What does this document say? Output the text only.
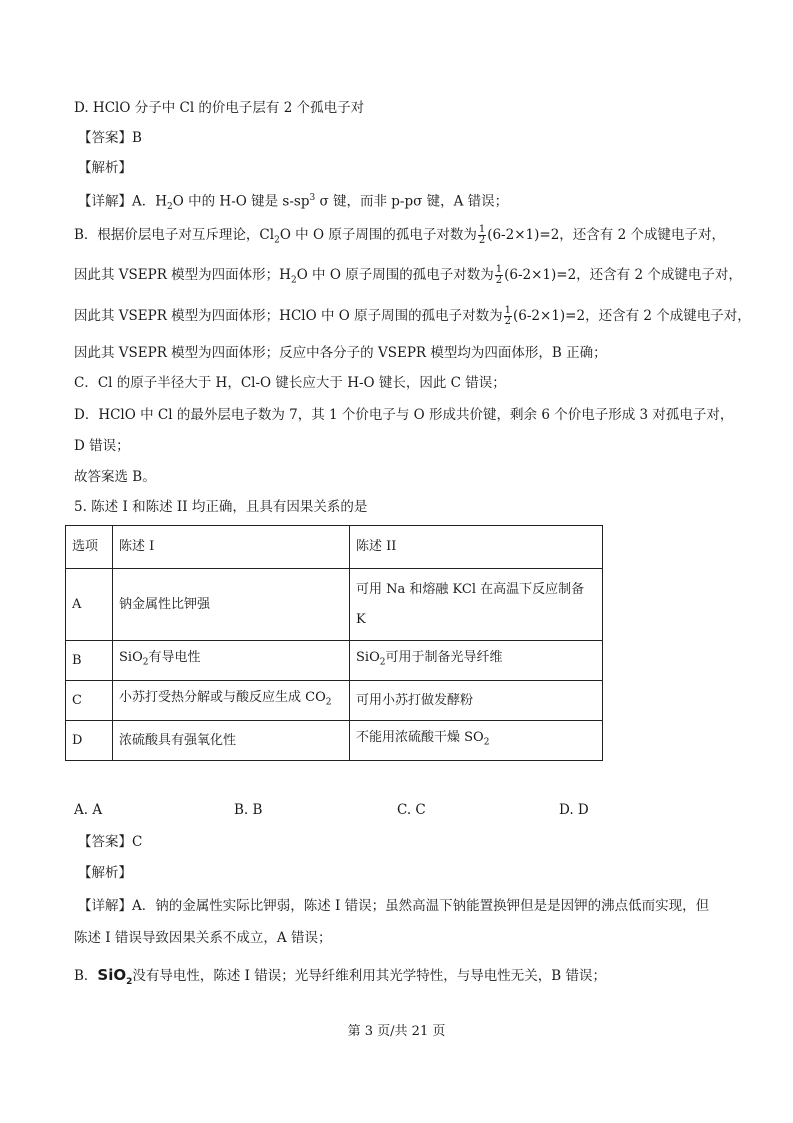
D. HClO 分子中 Cl 的价电子层有 2 个孤电子对
【答案】B
【解析】
【详解】A．$H_2O$ 中的 H-O 键是 $s-sp^3$ σ 键，而非 p-pσ 键，A 错误；
B．根据价层电子对互斥理论，$Cl_2O$ 中 O 原子周围的孤电子对数为 $\frac{1}{2} (6-2\times 1)=2$，还含有 2 个成键电子对，
因此其 VSEPR 模型为四面体形；$H_2O$ 中 O 原子周围的孤电子对数为 $\frac{1}{2} (6-2\times 1)=2$，还含有 2 个成键电子对，
因此其 VSEPR 模型为四面体形；HClO 中 O 原子周围的孤电子对数为 $\frac{1}{2} (6-2\times 1)=2$，还含有 2 个成键电子对，
因此其 VSEPR 模型为四面体形；反应中各分子的 VSEPR 模型均为四面体形，B 正确；
C．Cl 的原子半径大于 H，Cl-O 键长应大于 H-O 键长，因此 C 错误；
D．HClO 中 Cl 的最外层电子数为 7，其 1 个价电子与 O 形成共价键，剩余 6 个价电子形成 3 对孤电子对，
D 错误；
故答案选 B。
5. 陈述 I 和陈述 II 均正确，且具有因果关系的是
选项	陈述 I	陈述 II
A	钠金属性比钾强	可用 Na 和熔融 KCl 在高温下反应制备 K
B	SiO$_2$有导电性	SiO$_2$可用于制备光导纤维
C	小苏打受热分解或与酸反应生成 $CO_2$	可用小苏打做发酵粉
D	浓硫酸具有强氧化性	不能用浓硫酸干燥 $SO_2$
A. A	B. B	C. C	D. D
【答案】C
【解析】
【详解】A．钠的金属性实际比钾弱，陈述 I 错误；虽然高温下钠能置换钾但是是因钾的沸点低而实现，但
陈述 I 错误导致因果关系不成立，A 错误；
B．SiO$_2$没有导电性，陈述 I 错误；光导纤维利用其光学特性，与导电性无关，B 错误；
第 3 页/共 21 页
